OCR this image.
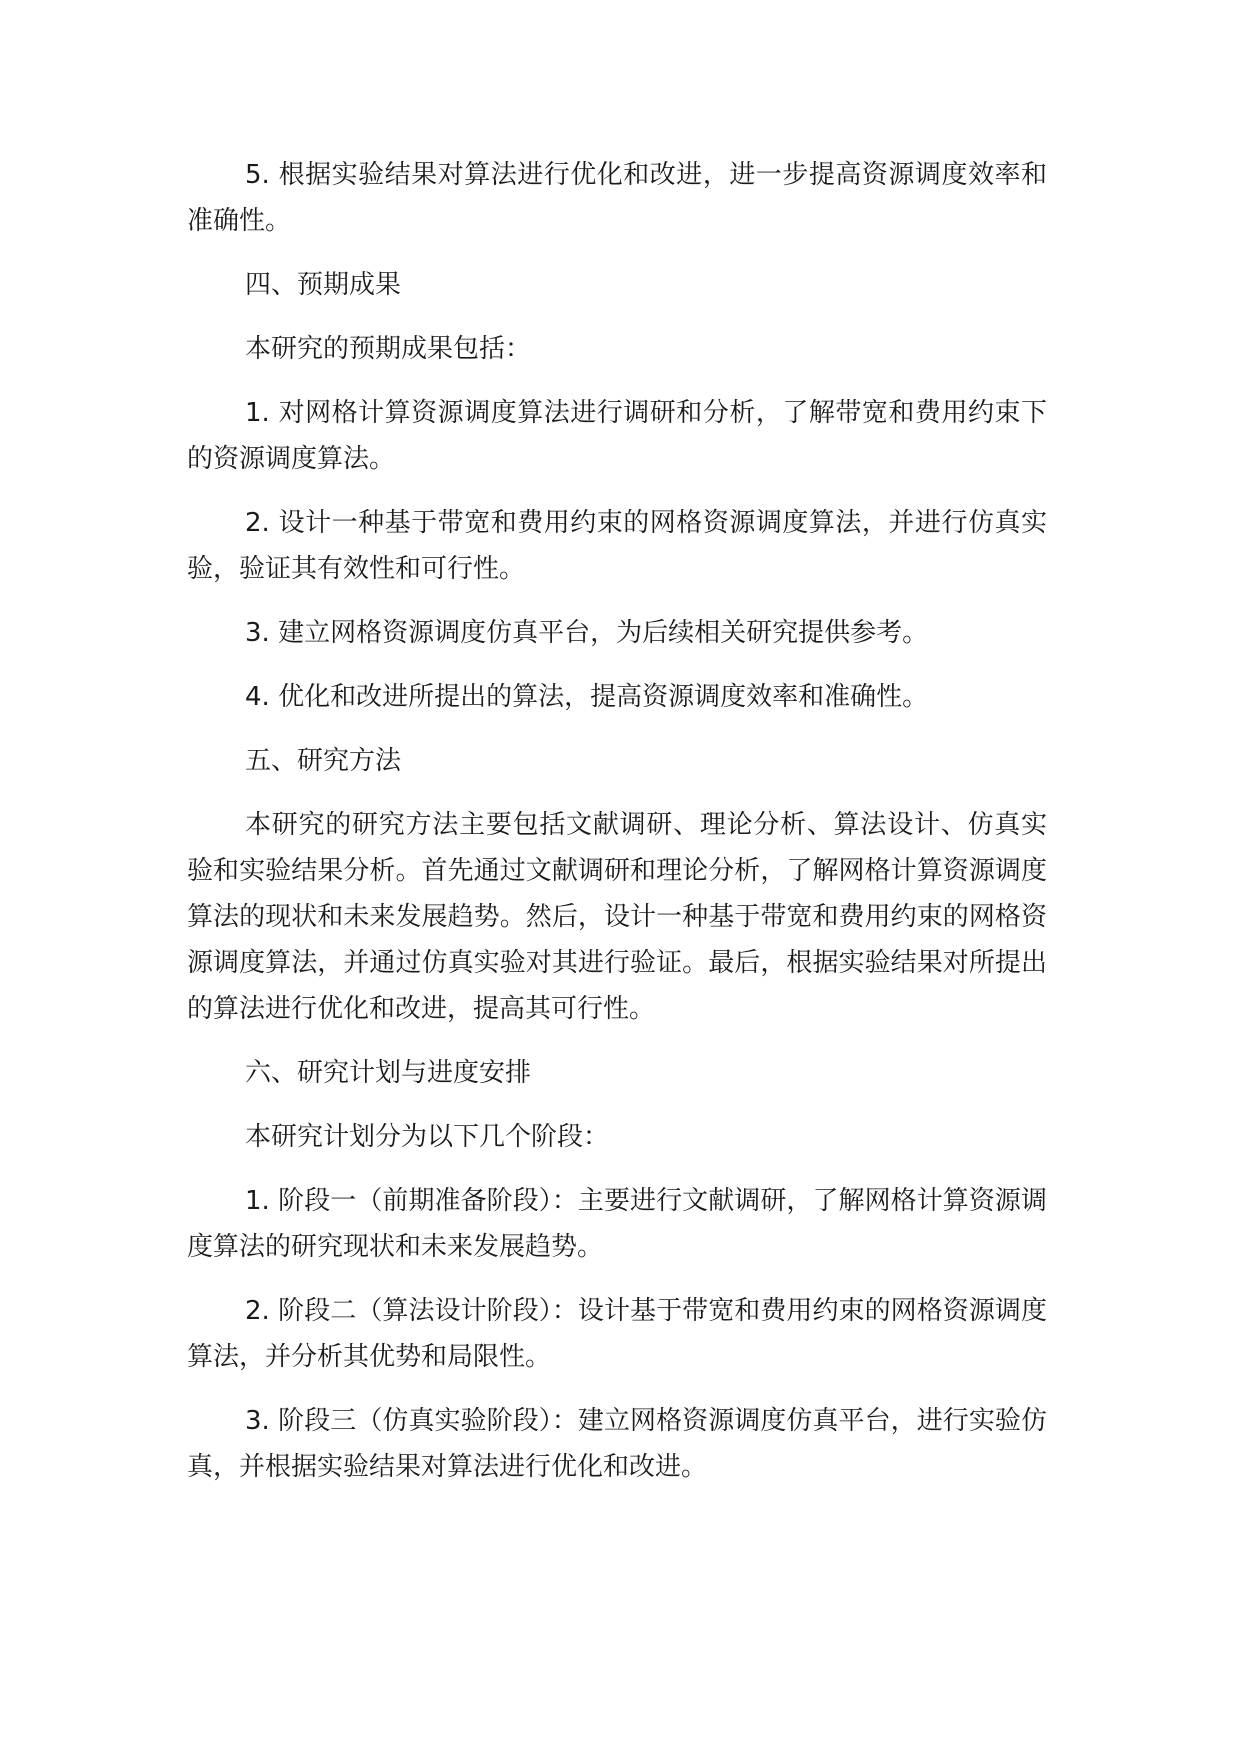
5. 根据实验结果对算法进行优化和改进，进一步提高资源调度效率和准确性。

四、预期成果

本研究的预期成果包括：

1. 对网格计算资源调度算法进行调研和分析，了解带宽和费用约束下的资源调度算法。

2. 设计一种基于带宽和费用约束的网格资源调度算法，并进行仿真实验，验证其有效性和可行性。

3. 建立网格资源调度仿真平台，为后续相关研究提供参考。

4. 优化和改进所提出的算法，提高资源调度效率和准确性。

五、研究方法

本研究的研究方法主要包括文献调研、理论分析、算法设计、仿真实验和实验结果分析。首先通过文献调研和理论分析，了解网格计算资源调度算法的现状和未来发展趋势。然后，设计一种基于带宽和费用约束的网格资源调度算法，并通过仿真实验对其进行验证。最后，根据实验结果对所提出的算法进行优化和改进，提高其可行性。

六、研究计划与进度安排

本研究计划分为以下几个阶段：

1. 阶段一（前期准备阶段）：主要进行文献调研，了解网格计算资源调度算法的研究现状和未来发展趋势。

2. 阶段二（算法设计阶段）：设计基于带宽和费用约束的网格资源调度算法，并分析其优势和局限性。

3. 阶段三（仿真实验阶段）：建立网格资源调度仿真平台，进行实验仿真，并根据实验结果对算法进行优化和改进。
